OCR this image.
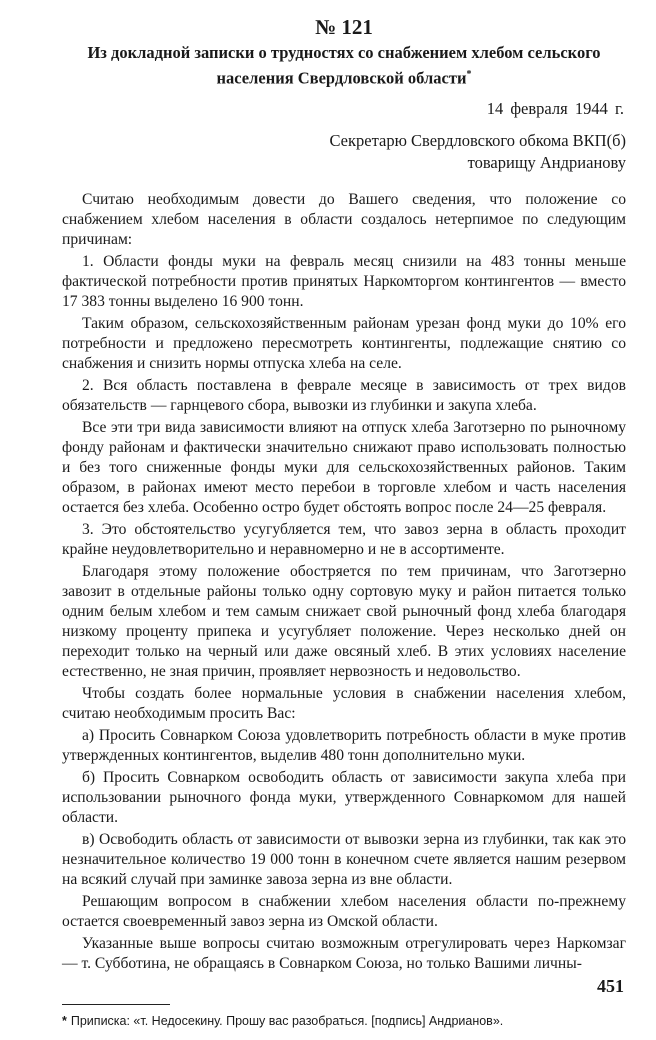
№ 121
Из докладной записки о трудностях со снабжением хлебом сельского населения Свердловской области*
14 февраля 1944 г.
Секретарю Свердловского обкома ВКП(б)
товарищу Андрианову

Считаю необходимым довести до Вашего сведения, что положение со снабжением хлебом населения в области создалось нетерпимое по следующим причинам:

1. Области фонды муки на февраль месяц снизили на 483 тонны меньше фактической потребности против принятых Наркомторгом контингентов — вместо 17 383 тонны выделено 16 900 тонн.

Таким образом, сельскохозяйственным районам урезан фонд муки до 10% его потребности и предложено пересмотреть контингенты, подлежащие снятию со снабжения и снизить нормы отпуска хлеба на селе.

2. Вся область поставлена в феврале месяце в зависимость от трех видов обязательств — гарнцевого сбора, вывозки из глубинки и закупа хлеба.

Все эти три вида зависимости влияют на отпуск хлеба Заготзерно по рыночному фонду районам и фактически значительно снижают право использовать полностью и без того сниженные фонды муки для сельскохозяйственных районов. Таким образом, в районах имеют место перебои в торговле хлебом и часть населения остается без хлеба. Особенно остро будет обстоять вопрос после 24—25 февраля.

3. Это обстоятельство усугубляется тем, что завоз зерна в область проходит крайне неудовлетворительно и неравномерно и не в ассортименте.

Благодаря этому положение обостряется по тем причинам, что Заготзерно завозит в отдельные районы только одну сортовую муку и район питается только одним белым хлебом и тем самым снижает свой рыночный фонд хлеба благодаря низкому проценту припека и усугубляет положение. Через несколько дней он переходит только на черный или даже овсяный хлеб. В этих условиях население естественно, не зная причин, проявляет нервозность и недовольство.

Чтобы создать более нормальные условия в снабжении населения хлебом, считаю необходимым просить Вас:

а) Просить Совнарком Союза удовлетворить потребность области в муке против утвержденных контингентов, выделив 480 тонн дополнительно муки.

б) Просить Совнарком освободить область от зависимости закупа хлеба при использовании рыночного фонда муки, утвержденного Совнаркомом для нашей области.

в) Освободить область от зависимости от вывозки зерна из глубинки, так как это незначительное количество 19 000 тонн в конечном счете является нашим резервом на всякий случай при заминке завоза зерна из вне области.

Решающим вопросом в снабжении хлебом населения области по-прежнему остается своевременный завоз зерна из Омской области.

Указанные выше вопросы считаю возможным отрегулировать через Наркомзаг — т. Субботина, не обращаясь в Совнарком Союза, но только Вашими личны-

* Приписка: «т. Недосекину. Прошу вас разобраться. [подпись] Андрианов».
451
